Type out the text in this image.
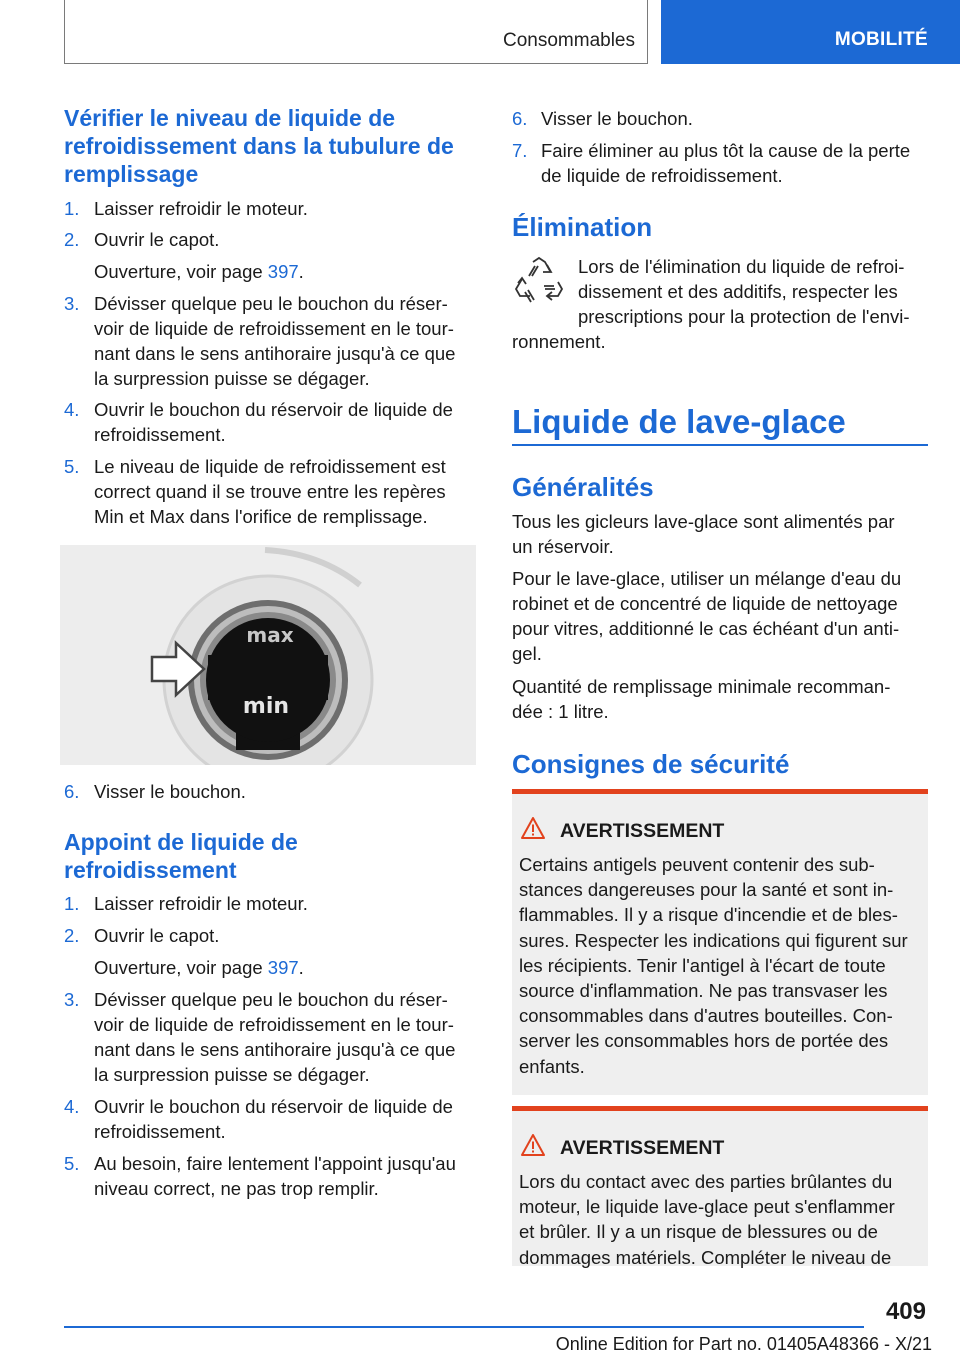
Consommables	MOBILITÉ
Vérifier le niveau de liquide de
refroidissement dans la tubulure de
remplissage
1. Laisser refroidir le moteur.

2. Ouvrir le capot.

Ouverture, voir page 397.

3. Dévisser quelque peu le bouchon du réser-
voir de liquide de refroidissement en le tour-
nant dans le sens antihoraire jusqu'à ce que
la surpression puisse se dégager.

4. Ouvrir le bouchon du réservoir de liquide de
refroidissement.

5. Le niveau de liquide de refroidissement est
correct quand il se trouve entre les repères
Min et Max dans l'orifice de remplissage.

max
min
6. Visser le bouchon.

Appoint de liquide de
refroidissement
1. Laisser refroidir le moteur.

2. Ouvrir le capot.

Ouverture, voir page 397.

3. Dévisser quelque peu le bouchon du réser-
voir de liquide de refroidissement en le tour-
nant dans le sens antihoraire jusqu'à ce que
la surpression puisse se dégager.

4. Ouvrir le bouchon du réservoir de liquide de
refroidissement.

5. Au besoin, faire lentement l'appoint jusqu'au
niveau correct, ne pas trop remplir.

6. Visser le bouchon.

7. Faire éliminer au plus tôt la cause de la perte
de liquide de refroidissement.

Élimination

Lors de l'élimination du liquide de refroi-
dissement et des additifs, respecter les
prescriptions pour la protection de l'envi-

ronnement.

Liquide de lave-glace
Généralités

Tous les gicleurs lave-glace sont alimentés par
un réservoir.

Pour le lave-glace, utiliser un mélange d'eau du
robinet et de concentré de liquide de nettoyage
pour vitres, additionné le cas échéant d'un anti-
gel.

Quantité de remplissage minimale recomman-
dée : 1 litre.

Consignes de sécurité
AVERTISSEMENT

Certains antigels peuvent contenir des sub-
stances dangereuses pour la santé et sont in-
flammables. Il y a risque d'incendie et de bles-
sures. Respecter les indications qui figurent sur
les récipients. Tenir l'antigel à l'écart de toute
source d'inflammation. Ne pas transvaser les
consommables dans d'autres bouteilles. Con-
server les consommables hors de portée des
enfants.

AVERTISSEMENT

Lors du contact avec des parties brûlantes du
moteur, le liquide lave-glace peut s'enflammer
et brûler. Il y a un risque de blessures ou de
dommages matériels. Compléter le niveau de

409
Online Edition for Part no. 01405A48366 - X/21
